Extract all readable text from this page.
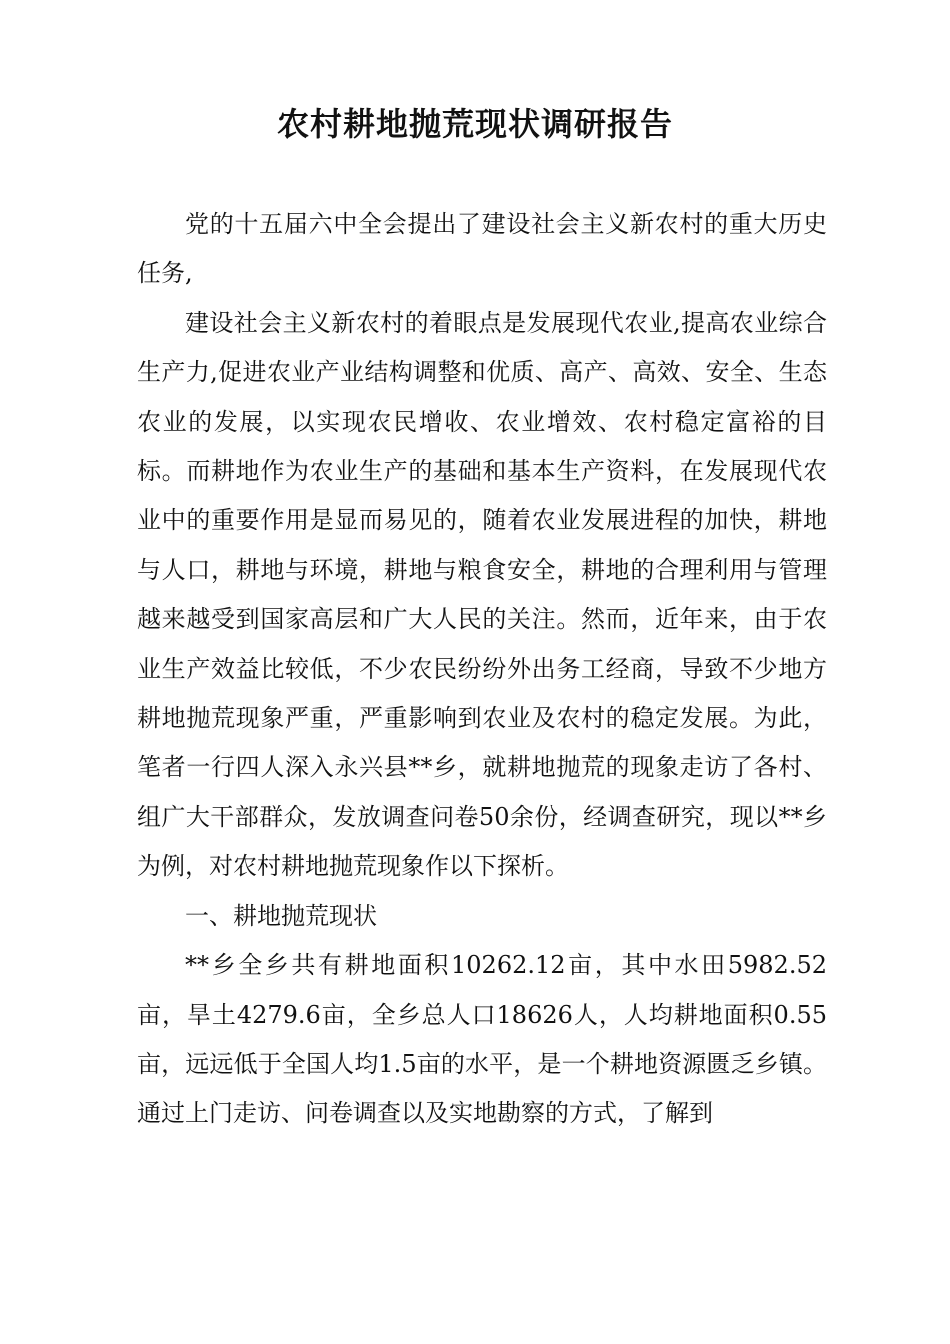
农村耕地抛荒现状调研报告

党的十五届六中全会提出了建设社会主义新农村的重大历史任务,

建设社会主义新农村的着眼点是发展现代农业,提高农业综合生产力,促进农业产业结构调整和优质、高产、高效、安全、生态农业的发展，以实现农民增收、农业增效、农村稳定富裕的目标。而耕地作为农业生产的基础和基本生产资料，在发展现代农业中的重要作用是显而易见的，随着农业发展进程的加快，耕地与人口，耕地与环境，耕地与粮食安全，耕地的合理利用与管理越来越受到国家高层和广大人民的关注。然而，近年来，由于农业生产效益比较低，不少农民纷纷外出务工经商，导致不少地方耕地抛荒现象严重，严重影响到农业及农村的稳定发展。为此，笔者一行四人深入永兴县**乡，就耕地抛荒的现象走访了各村、组广大干部群众，发放调查问卷50余份，经调查研究，现以**乡为例，对农村耕地抛荒现象作以下探析。

一、耕地抛荒现状

**乡全乡共有耕地面积10262.12亩，其中水田5982.52亩，旱土4279.6亩，全乡总人口18626人，人均耕地面积0.55亩，远远低于全国人均1.5亩的水平，是一个耕地资源匮乏乡镇。通过上门走访、问卷调查以及实地勘察的方式，了解到
